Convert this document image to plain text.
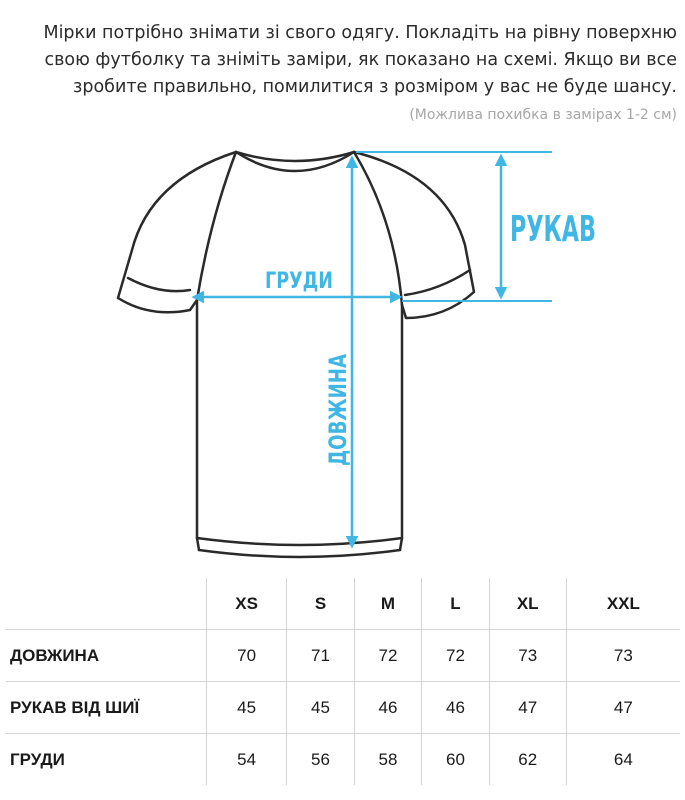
Мірки потрібно знімати зі свого одягу. Покладіть на рівну поверхню
свою футболку та зніміть заміри, як показано на схемі. Якщо ви все
зробите правильно, помилитися з розміром у вас не буде шансу.
(Можлива похибка в замірах 1-2 см)
РУКАВ
ГРУДИ
ДОВЖИНА
	XS	S	M	L	XL	XXL
ДОВЖИНА	70	71	72	72	73	73
РУКАВ ВІД ШИЇ	45	45	46	46	47	47
ГРУДИ	54	56	58	60	62	64
